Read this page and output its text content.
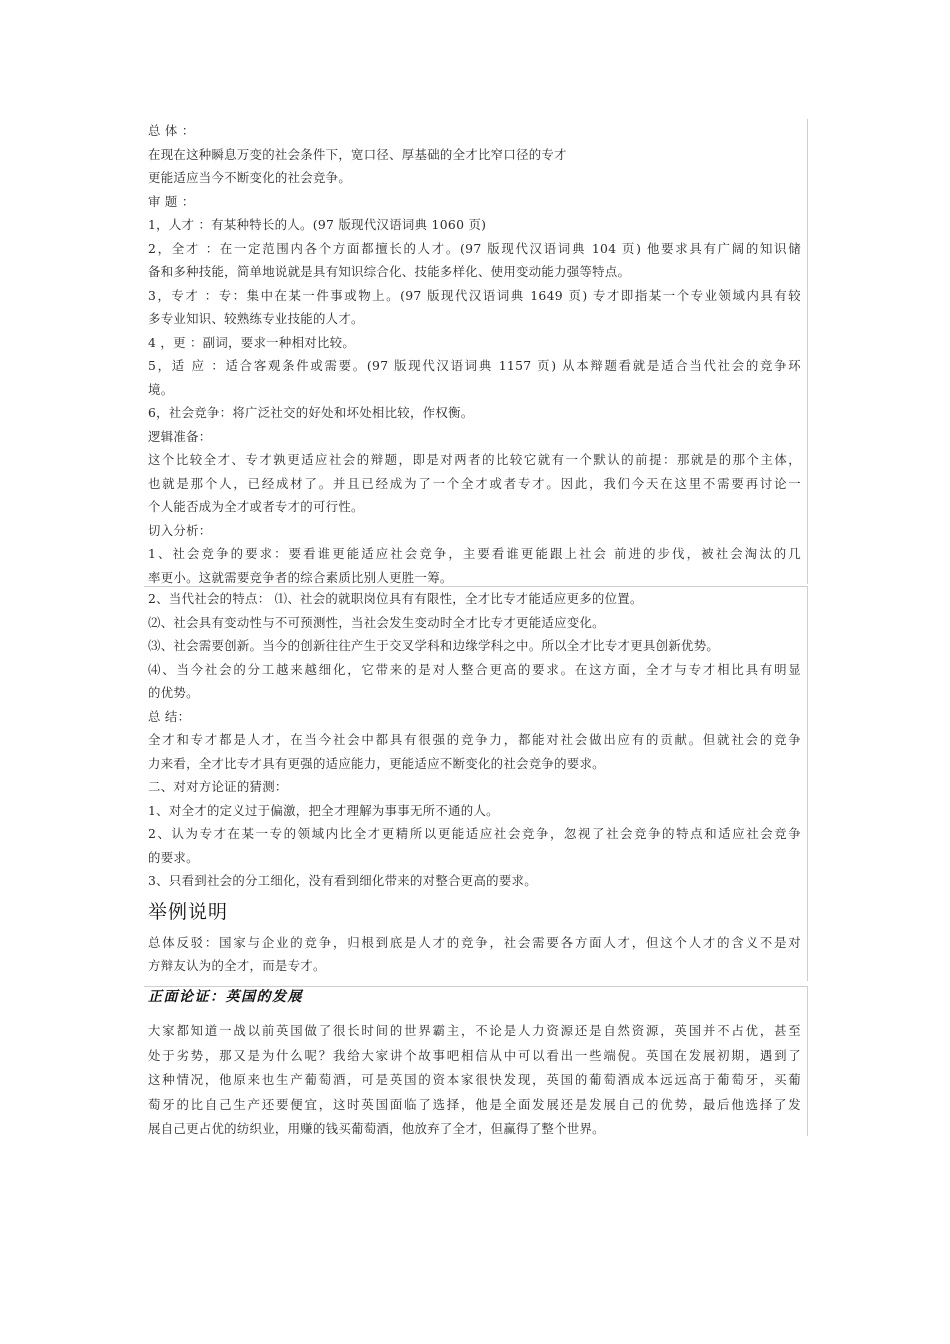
总 体 ：
在现在这种瞬息万变的社会条件下，宽口径、厚基础的全才比窄口径的专才
更能适应当今不断变化的社会竞争。
审 题 ：
1，人才 ：有某种特长的人。(97 版现代汉语词典 1060 页)
2，全才 ：在一定范围内各个方面都擅长的人才。(97 版现代汉语词典 104 页) 他要求具有广阔的知识储
备和多种技能，简单地说就是具有知识综合化、技能多样化、使用变动能力强等特点。
3，专才 ：专：集中在某一件事或物上。(97 版现代汉语词典 1649 页) 专才即指某一个专业领域内具有较
多专业知识、较熟练专业技能的人才。
4 ，更 ：副词，要求一种相对比较。
5，适 应 ：适合客观条件或需要。(97 版现代汉语词典 1157 页) 从本辩题看就是适合当代社会的竞争环
境。
6，社会竞争：将广泛社交的好处和坏处相比较，作权衡。
逻辑准备：
这个比较全才、专才孰更适应社会的辩题，即是对两者的比较它就有一个默认的前提：那就是的那个主体，
也就是那个人，已经成材了。并且已经成为了一个全才或者专才。因此，我们今天在这里不需要再讨论一
个人能否成为全才或者专才的可行性。
切入分析：
1、社会竞争的要求：要看谁更能适应社会竞争，主要看谁更能跟上社会 前进的步伐，被社会淘汰的几
率更小。这就需要竞争者的综合素质比别人更胜一筹。
2、当代社会的特点： ⑴、社会的就职岗位具有有限性，全才比专才能适应更多的位置。
⑵、社会具有变动性与不可预测性，当社会发生变动时全才比专才更能适应变化。
⑶、社会需要创新。当今的创新往往产生于交叉学科和边缘学科之中。所以全才比专才更具创新优势。
⑷、当今社会的分工越来越细化，它带来的是对人整合更高的要求。在这方面，全才与专才相比具有明显
的优势。
总 结：
全才和专才都是人才，在当今社会中都具有很强的竞争力，都能对社会做出应有的贡献。但就社会的竞争
力来看，全才比专才具有更强的适应能力，更能适应不断变化的社会竞争的要求。
二、对对方论证的猜测：
1、对全才的定义过于偏激，把全才理解为事事无所不通的人。
2、认为专才在某一专的领域内比全才更精所以更能适应社会竞争，忽视了社会竞争的特点和适应社会竞争
的要求。
3、只看到社会的分工细化，没有看到细化带来的对整合更高的要求。
举例说明
总体反驳：国家与企业的竞争，归根到底是人才的竞争，社会需要各方面人才，但这个人才的含义不是对
方辩友认为的全才，而是专才。
正面论证：英国的发展
大家都知道一战以前英国做了很长时间的世界霸主，不论是人力资源还是自然资源，英国并不占优，甚至
处于劣势，那又是为什么呢？我给大家讲个故事吧相信从中可以看出一些端倪。英国在发展初期，遇到了
这种情况，他原来也生产葡萄酒，可是英国的资本家很快发现，英国的葡萄酒成本远远高于葡萄牙，买葡
萄牙的比自己生产还要便宜，这时英国面临了选择，他是全面发展还是发展自己的优势，最后他选择了发
展自己更占优的纺织业，用赚的钱买葡萄酒，他放弃了全才，但赢得了整个世界。
